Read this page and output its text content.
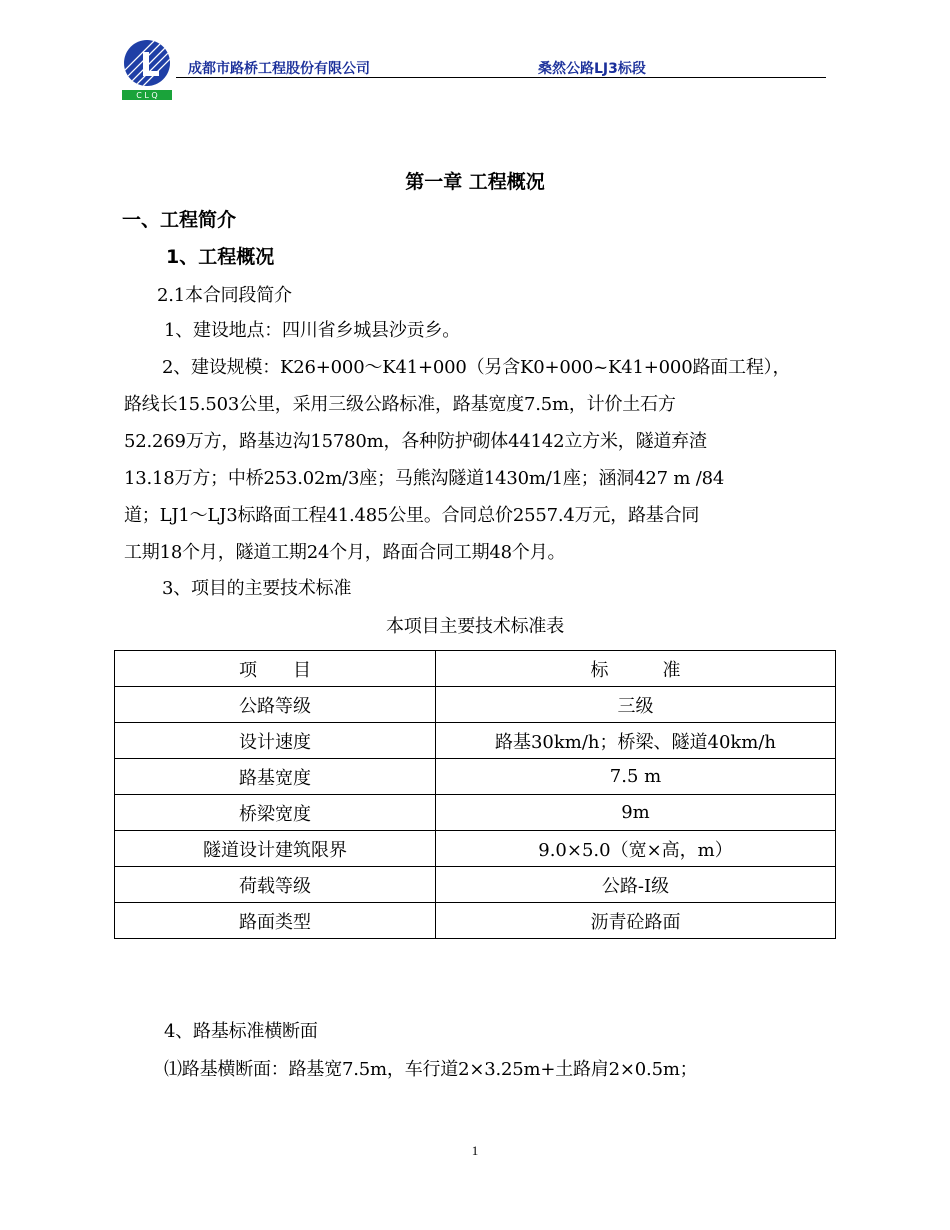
C L Q
成都市路桥工程股份有限公司	桑然公路LJ3标段
第一章 工程概况
一、工程简介
1、工程概况
2.1本合同段简介
1、建设地点：四川省乡城县沙贡乡。
2、建设规模：K26+000～K41+000（另含K0+000~K41+000路面工程），
路线长15.503公里，采用三级公路标准，路基宽度7.5m，计价土石方
52.269万方，路基边沟15780m，各种防护砌体44142立方米，隧道弃渣
13.18万方；中桥253.02m/3座；马熊沟隧道1430m/1座；涵洞427 m /84
道；LJ1～LJ3标路面工程41.485公里。合同总价2557.4万元，路基合同
工期18个月，隧道工期24个月，路面合同工期48个月。
3、项目的主要技术标准
本项目主要技术标准表
项　　目	标　　　准
公路等级	三级
设计速度	路基30km/h；桥梁、隧道40km/h
路基宽度	7.5 m
桥梁宽度	9m
隧道设计建筑限界	9.0×5.0（宽×高，m）
荷载等级	公路-Ⅰ级
路面类型	沥青砼路面
4、路基标准横断面
⑴路基横断面：路基宽7.5m，车行道2×3.25m+土路肩2×0.5m；
1
